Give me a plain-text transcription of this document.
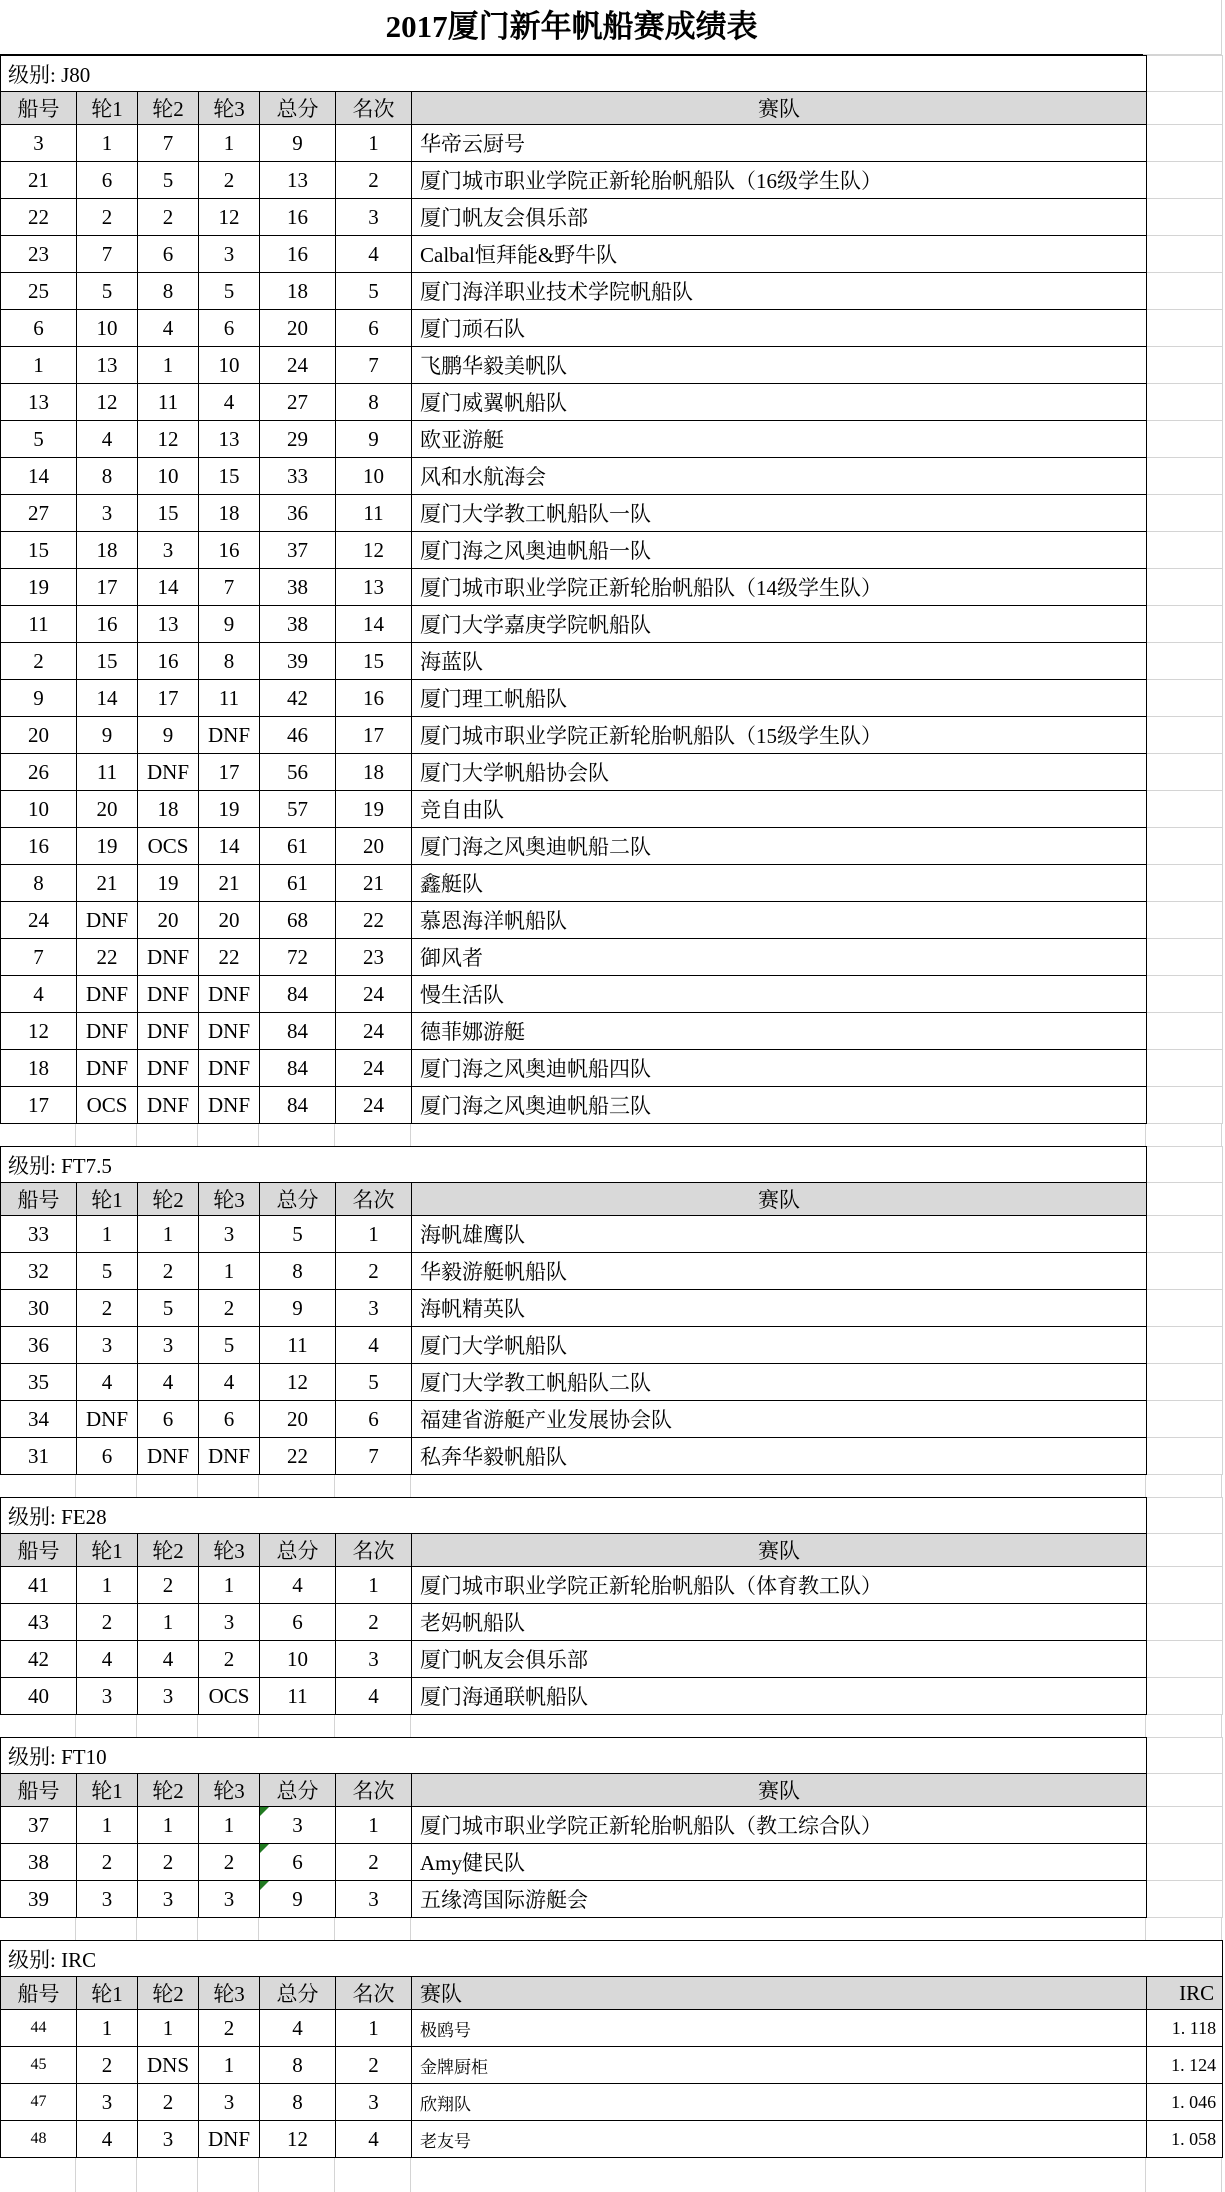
2017厦门新年帆船赛成绩表
级别: J80							
船号	轮1	轮2	轮3	总分	名次	赛队	
3	1	7	1	9	1	华帝云厨号	
21	6	5	2	13	2	厦门城市职业学院正新轮胎帆船队（16级学生队）	
22	2	2	12	16	3	厦门帆友会俱乐部	
23	7	6	3	16	4	Calbal恒拜能&野牛队	
25	5	8	5	18	5	厦门海洋职业技术学院帆船队	
6	10	4	6	20	6	厦门顽石队	
1	13	1	10	24	7	飞鹏华毅美帆队	
13	12	11	4	27	8	厦门威翼帆船队	
5	4	12	13	29	9	欧亚游艇	
14	8	10	15	33	10	风和水航海会	
27	3	15	18	36	11	厦门大学教工帆船队一队	
15	18	3	16	37	12	厦门海之风奥迪帆船一队	
19	17	14	7	38	13	厦门城市职业学院正新轮胎帆船队（14级学生队）	
11	16	13	9	38	14	厦门大学嘉庚学院帆船队	
2	15	16	8	39	15	海蓝队	
9	14	17	11	42	16	厦门理工帆船队	
20	9	9	DNF	46	17	厦门城市职业学院正新轮胎帆船队（15级学生队）	
26	11	DNF	17	56	18	厦门大学帆船协会队	
10	20	18	19	57	19	竞自由队	
16	19	OCS	14	61	20	厦门海之风奥迪帆船二队	
8	21	19	21	61	21	鑫艇队	
24	DNF	20	20	68	22	慕恩海洋帆船队	
7	22	DNF	22	72	23	御风者	
4	DNF	DNF	DNF	84	24	慢生活队	
12	DNF	DNF	DNF	84	24	德菲娜游艇	
18	DNF	DNF	DNF	84	24	厦门海之风奥迪帆船四队	
17	OCS	DNF	DNF	84	24	厦门海之风奥迪帆船三队	
级别: FT7.5							
船号	轮1	轮2	轮3	总分	名次	赛队	
33	1	1	3	5	1	海帆雄鹰队	
32	5	2	1	8	2	华毅游艇帆船队	
30	2	5	2	9	3	海帆精英队	
36	3	3	5	11	4	厦门大学帆船队	
35	4	4	4	12	5	厦门大学教工帆船队二队	
34	DNF	6	6	20	6	福建省游艇产业发展协会队	
31	6	DNF	DNF	22	7	私奔华毅帆船队	
级别: FE28							
船号	轮1	轮2	轮3	总分	名次	赛队	
41	1	2	1	4	1	厦门城市职业学院正新轮胎帆船队（体育教工队）	
43	2	1	3	6	2	老妈帆船队	
42	4	4	2	10	3	厦门帆友会俱乐部	
40	3	3	OCS	11	4	厦门海通联帆船队	
级别: FT10							
船号	轮1	轮2	轮3	总分	名次	赛队	
37	1	1	1	3	1	厦门城市职业学院正新轮胎帆船队（教工综合队）	
38	2	2	2	6	2	Amy健民队	
39	3	3	3	9	3	五缘湾国际游艇会	
级别: IRC							
船号	轮1	轮2	轮3	总分	名次	赛队	IRC
44	1	1	2	4	1	极鸥号	1. 118
45	2	DNS	1	8	2	金牌厨柜	1. 124
47	3	2	3	8	3	欣翔队	1. 046
48	4	3	DNF	12	4	老友号	1. 058
